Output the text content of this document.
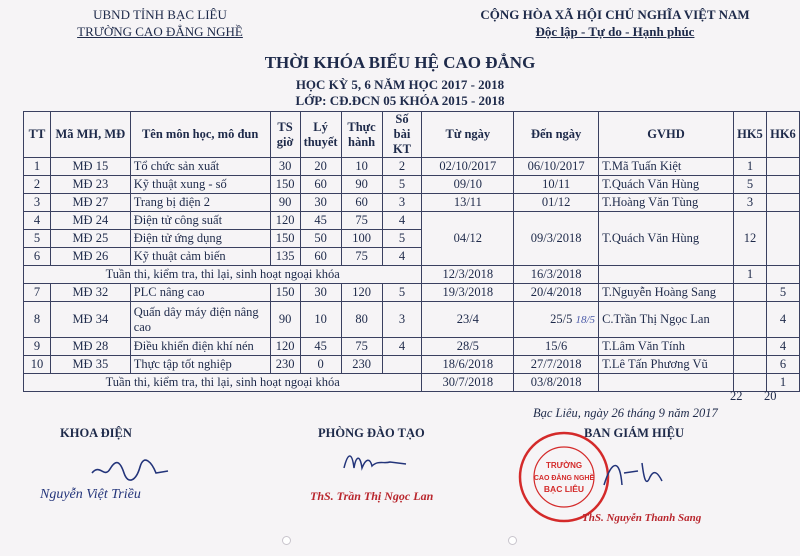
UBND TỈNH BẠC LIÊU
TRƯỜNG CAO ĐẲNG NGHỀ
CỘNG HÒA XÃ HỘI CHỦ NGHĨA VIỆT NAM
Độc lập - Tự do - Hạnh phúc
THỜI KHÓA BIỂU HỆ CAO ĐẲNG
HỌC KỲ 5, 6 NĂM HỌC 2017 - 2018
LỚP: CĐ.ĐCN 05 KHÓA 2015 - 2018
TT	Mã MH, MĐ	Tên môn học, mô đun	TS giờ	Lý thuyết	Thực hành	Số bài KT	Từ ngày	Đến ngày	GVHD	HK5	HK6
1	MĐ 15	Tổ chức sản xuất	30	20	10	2	02/10/2017	06/10/2017	T.Mã Tuấn Kiệt	1	
2	MĐ 23	Kỹ thuật xung - số	150	60	90	5	09/10	10/11	T.Quách Văn Hùng	5	
3	MĐ 27	Trang bị điện 2	90	30	60	3	13/11	01/12	T.Hoàng Văn Tùng	3	
4	MĐ 24	Điện tử công suất	120	45	75	4	04/12	09/3/2018	T.Quách Văn Hùng	12	
5	MĐ 25	Điện tử ứng dụng	150	50	100	5					
6	MĐ 26	Kỹ thuật cảm biến	135	60	75	4					
Tuần thi, kiểm tra, thi lại, sinh hoạt ngoại khóa							12/3/2018	16/3/2018		1	
7	MĐ 32	PLC nâng cao	150	30	120	5	19/3/2018	20/4/2018	T.Nguyễn Hoàng Sang		5
8	MĐ 34	Quấn dây máy điện nâng cao	90	10	80	3	23/4	25/5 18/5	C.Trần Thị Ngọc Lan		4
9	MĐ 28	Điều khiển điện khí nén	120	45	75	4	28/5	15/6	T.Lâm Văn Tính		4
10	MĐ 35	Thực tập tốt nghiệp	230	0	230		18/6/2018	27/7/2018	T.Lê Tấn Phương Vũ		6
Tuần thi, kiểm tra, thi lại, sinh hoạt ngoại khóa							30/7/2018	03/8/2018			1
22 20
Bạc Liêu, ngày 26 tháng 9 năm 2017
KHOA ĐIỆN	PHÒNG ĐÀO TẠO	BAN GIÁM HIỆU
Nguyễn Việt Triều	ThS. Trần Thị Ngọc Lan
TRƯỜNG
CAO ĐẲNG NGHỀ
BẠC LIÊU
ThS. Nguyễn Thanh Sang
